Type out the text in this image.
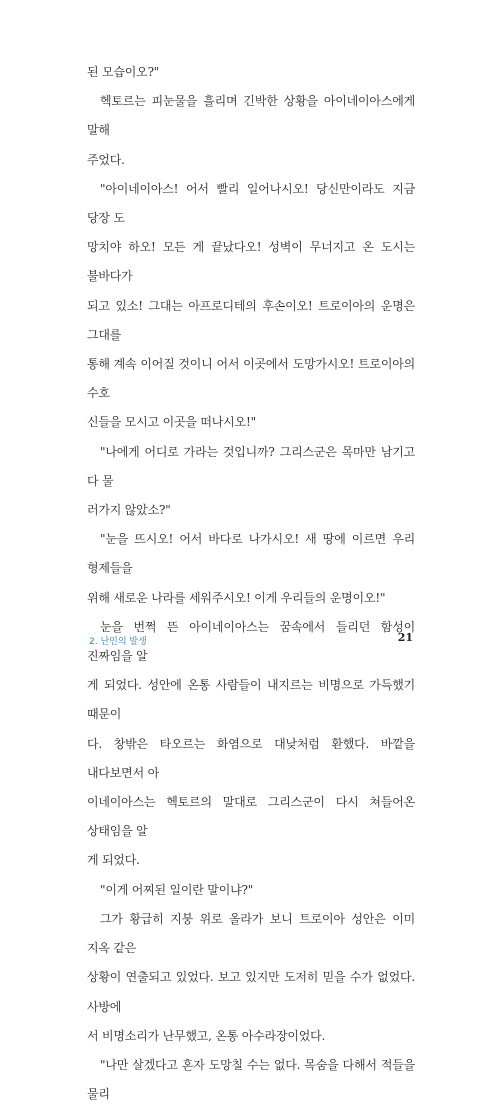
된 모습이오?"

헥토르는 피눈물을 흘리며 긴박한 상황을 아이네이아스에게 말해
주었다.

"아이네이아스! 어서 빨리 일어나시오! 당신만이라도 지금 당장 도
망치야 하오! 모든 게 끝났다오! 성벽이 무너지고 온 도시는 불바다가
되고 있소! 그대는 아프로디테의 후손이오! 트로이아의 운명은 그대를
통해 계속 이어질 것이니 어서 이곳에서 도망가시오! 트로이아의 수호
신들을 모시고 이곳을 떠나시오!"

"나에게 어디로 가라는 것입니까? 그리스군은 목마만 남기고 다 물
러가지 않았소?"

"눈을 뜨시오! 어서 바다로 나가시오! 새 땅에 이르면 우리 형제들을
위해 새로운 나라를 세워주시오! 이게 우리들의 운명이오!"

눈을 번쩍 뜬 아이네이아스는 꿈속에서 들리던 함성이 진짜임을 알
게 되었다. 성안에 온통 사람들이 내지르는 비명으로 가득했기 때문이
다. 창밖은 타오르는 화염으로 대낮처럼 환했다. 바깥을 내다보면서 아
이네이아스는 헥토르의 말대로 그리스군이 다시 쳐들어온 상태임을 알
게 되었다.

"이게 어찌된 일이란 말이냐?"

그가 황급히 지붕 위로 올라가 보니 트로이아 성안은 이미 지옥 같은
상황이 연출되고 있었다. 보고 있지만 도저히 믿을 수가 없었다. 사방에
서 비명소리가 난무했고, 온통 아수라장이었다.

"나만 살겠다고 혼자 도망칠 수는 없다. 목숨을 다해서 적들을 물리

2. 난민의 발생	21
